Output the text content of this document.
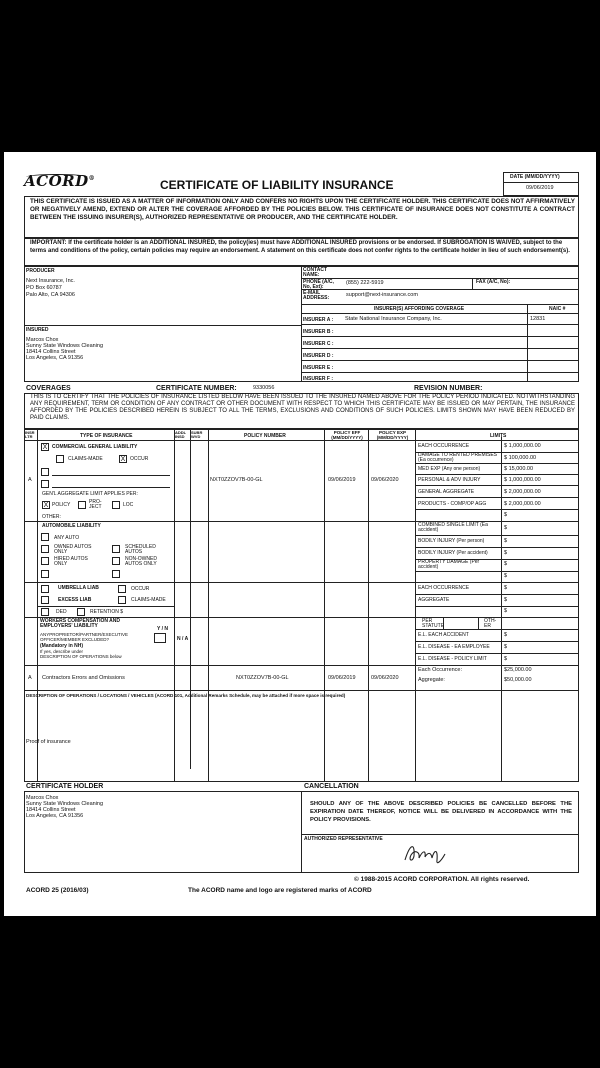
ACORD®	CERTIFICATE OF LIABILITY INSURANCE
DATE (MM/DD/YYYY)
09/06/2019
THIS CERTIFICATE IS ISSUED AS A MATTER OF INFORMATION ONLY AND CONFERS NO RIGHTS UPON THE CERTIFICATE HOLDER. THIS CERTIFICATE DOES NOT AFFIRMATIVELY OR NEGATIVELY AMEND, EXTEND OR ALTER THE COVERAGE AFFORDED BY THE POLICIES BELOW. THIS CERTIFICATE OF INSURANCE DOES NOT CONSTITUTE A CONTRACT BETWEEN THE ISSUING INSURER(S), AUTHORIZED REPRESENTATIVE OR PRODUCER, AND THE CERTIFICATE HOLDER.
IMPORTANT: If the certificate holder is an ADDITIONAL INSURED, the policy(ies) must have ADDITIONAL INSURED provisions or be endorsed. If SUBROGATION IS WAIVED, subject to the terms and conditions of the policy, certain policies may require an endorsement. A statement on this certificate does not confer rights to the certificate holder in lieu of such endorsement(s).
PRODUCER
Next Insurance, Inc.
PO Box 60787
Palo Alto, CA 94306
CONTACT NAME:
PHONE (A/C, No, Ext):
(855) 222-5919	FAX (A/C, No):
E-MAIL ADDRESS:	support@next-insurance.com
INSURER(S) AFFORDING COVERAGE	NAIC #
INSURER A : State National Insurance Company, Inc.	12831
INSURER B :
INSURER C :
INSURER D :
INSURER E :
INSURER F :
INSURED
Marcos Chox
Sunny State Windows Cleaning
18414 Collins Street
Los Angeles, CA 91356
COVERAGES	CERTIFICATE NUMBER:	9330056	REVISION NUMBER:
THIS IS TO CERTIFY THAT THE POLICIES OF INSURANCE LISTED BELOW HAVE BEEN ISSUED TO THE INSURED NAMED ABOVE FOR THE POLICY PERIOD INDICATED. NOTWITHSTANDING ANY REQUIREMENT, TERM OR CONDITION OF ANY CONTRACT OR OTHER DOCUMENT WITH RESPECT TO WHICH THIS CERTIFICATE MAY BE ISSUED OR MAY PERTAIN, THE INSURANCE AFFORDED BY THE POLICIES DESCRIBED HEREIN IS SUBJECT TO ALL THE TERMS, EXCLUSIONS AND CONDITIONS OF SUCH POLICIES. LIMITS SHOWN MAY HAVE BEEN REDUCED BY PAID CLAIMS.
INSR LTR	TYPE OF INSURANCE
ADDL INSD
SUBR WVD	POLICY NUMBER
POLICY EFF (MM/DD/YYYY)
POLICY EXP (MM/DD/YYYY)	LIMITS
X COMMERCIAL GENERAL LIABILITY
CLAIMS-MADE	X OCCUR
GEN'L AGGREGATE LIMIT APPLIES PER:
X POLICY	PRO-JECT	LOC
OTHER:
A	NXT0ZZOV7B-00-GL	09/06/2019	09/06/2020
EACH OCCURRENCE	$ 1,000,000.00
DAMAGE TO RENTED PREMISES (Ea occurrence)	$ 100,000.00
MED EXP (Any one person)	$ 15,000.00
PERSONAL & ADV INJURY	$ 1,000,000.00
GENERAL AGGREGATE	$ 2,000,000.00
PRODUCTS - COMP/OP AGG	$ 2,000,000.00
$
AUTOMOBILE LIABILITY
ANY AUTO
OWNED AUTOS ONLY
SCHEDULED AUTOS
HIRED AUTOS ONLY
NON-OWNED AUTOS ONLY
COMBINED SINGLE LIMIT (Ea accident)	$
BODILY INJURY (Per person)	$
BODILY INJURY (Per accident)	$
PROPERTY DAMAGE (Per accident)	$
$
UMBRELLA LIAB	OCCUR
EXCESS LIAB	CLAIMS-MADE
DED	RETENTION $
EACH OCCURRENCE	$
AGGREGATE	$
$
WORKERS COMPENSATION AND EMPLOYERS' LIABILITY	Y / N
ANYPROPRIETOR/PARTNER/EXECUTIVE
OFFICER/MEMBER EXCLUDED?
(Mandatory in NH)
If yes, describe under
DESCRIPTION OF OPERATIONS below
N / A
PER STATUTE
OTH-ER
E.L. EACH ACCIDENT	$
E.L. DISEASE - EA EMPLOYEE	$
E.L. DISEASE - POLICY LIMIT	$
A Contractors Errors and Omissions	NXT0ZZOV7B-00-GL	09/06/2019	09/06/2020
Each Occurrence:	$25,000.00
Aggregate:	$50,000.00
DESCRIPTION OF OPERATIONS / LOCATIONS / VEHICLES (ACORD 101, Additional Remarks Schedule, may be attached if more space is required)
Proof of insurance
CERTIFICATE HOLDER	CANCELLATION
Marcos Chox
Sunny State Windows Cleaning
18414 Collins Street
Los Angeles, CA 91356
SHOULD ANY OF THE ABOVE DESCRIBED POLICIES BE CANCELLED BEFORE THE EXPIRATION DATE THEREOF, NOTICE WILL BE DELIVERED IN ACCORDANCE WITH THE POLICY PROVISIONS.
AUTHORIZED REPRESENTATIVE
© 1988-2015 ACORD CORPORATION. All rights reserved.
ACORD 25 (2016/03)	The ACORD name and logo are registered marks of ACORD
